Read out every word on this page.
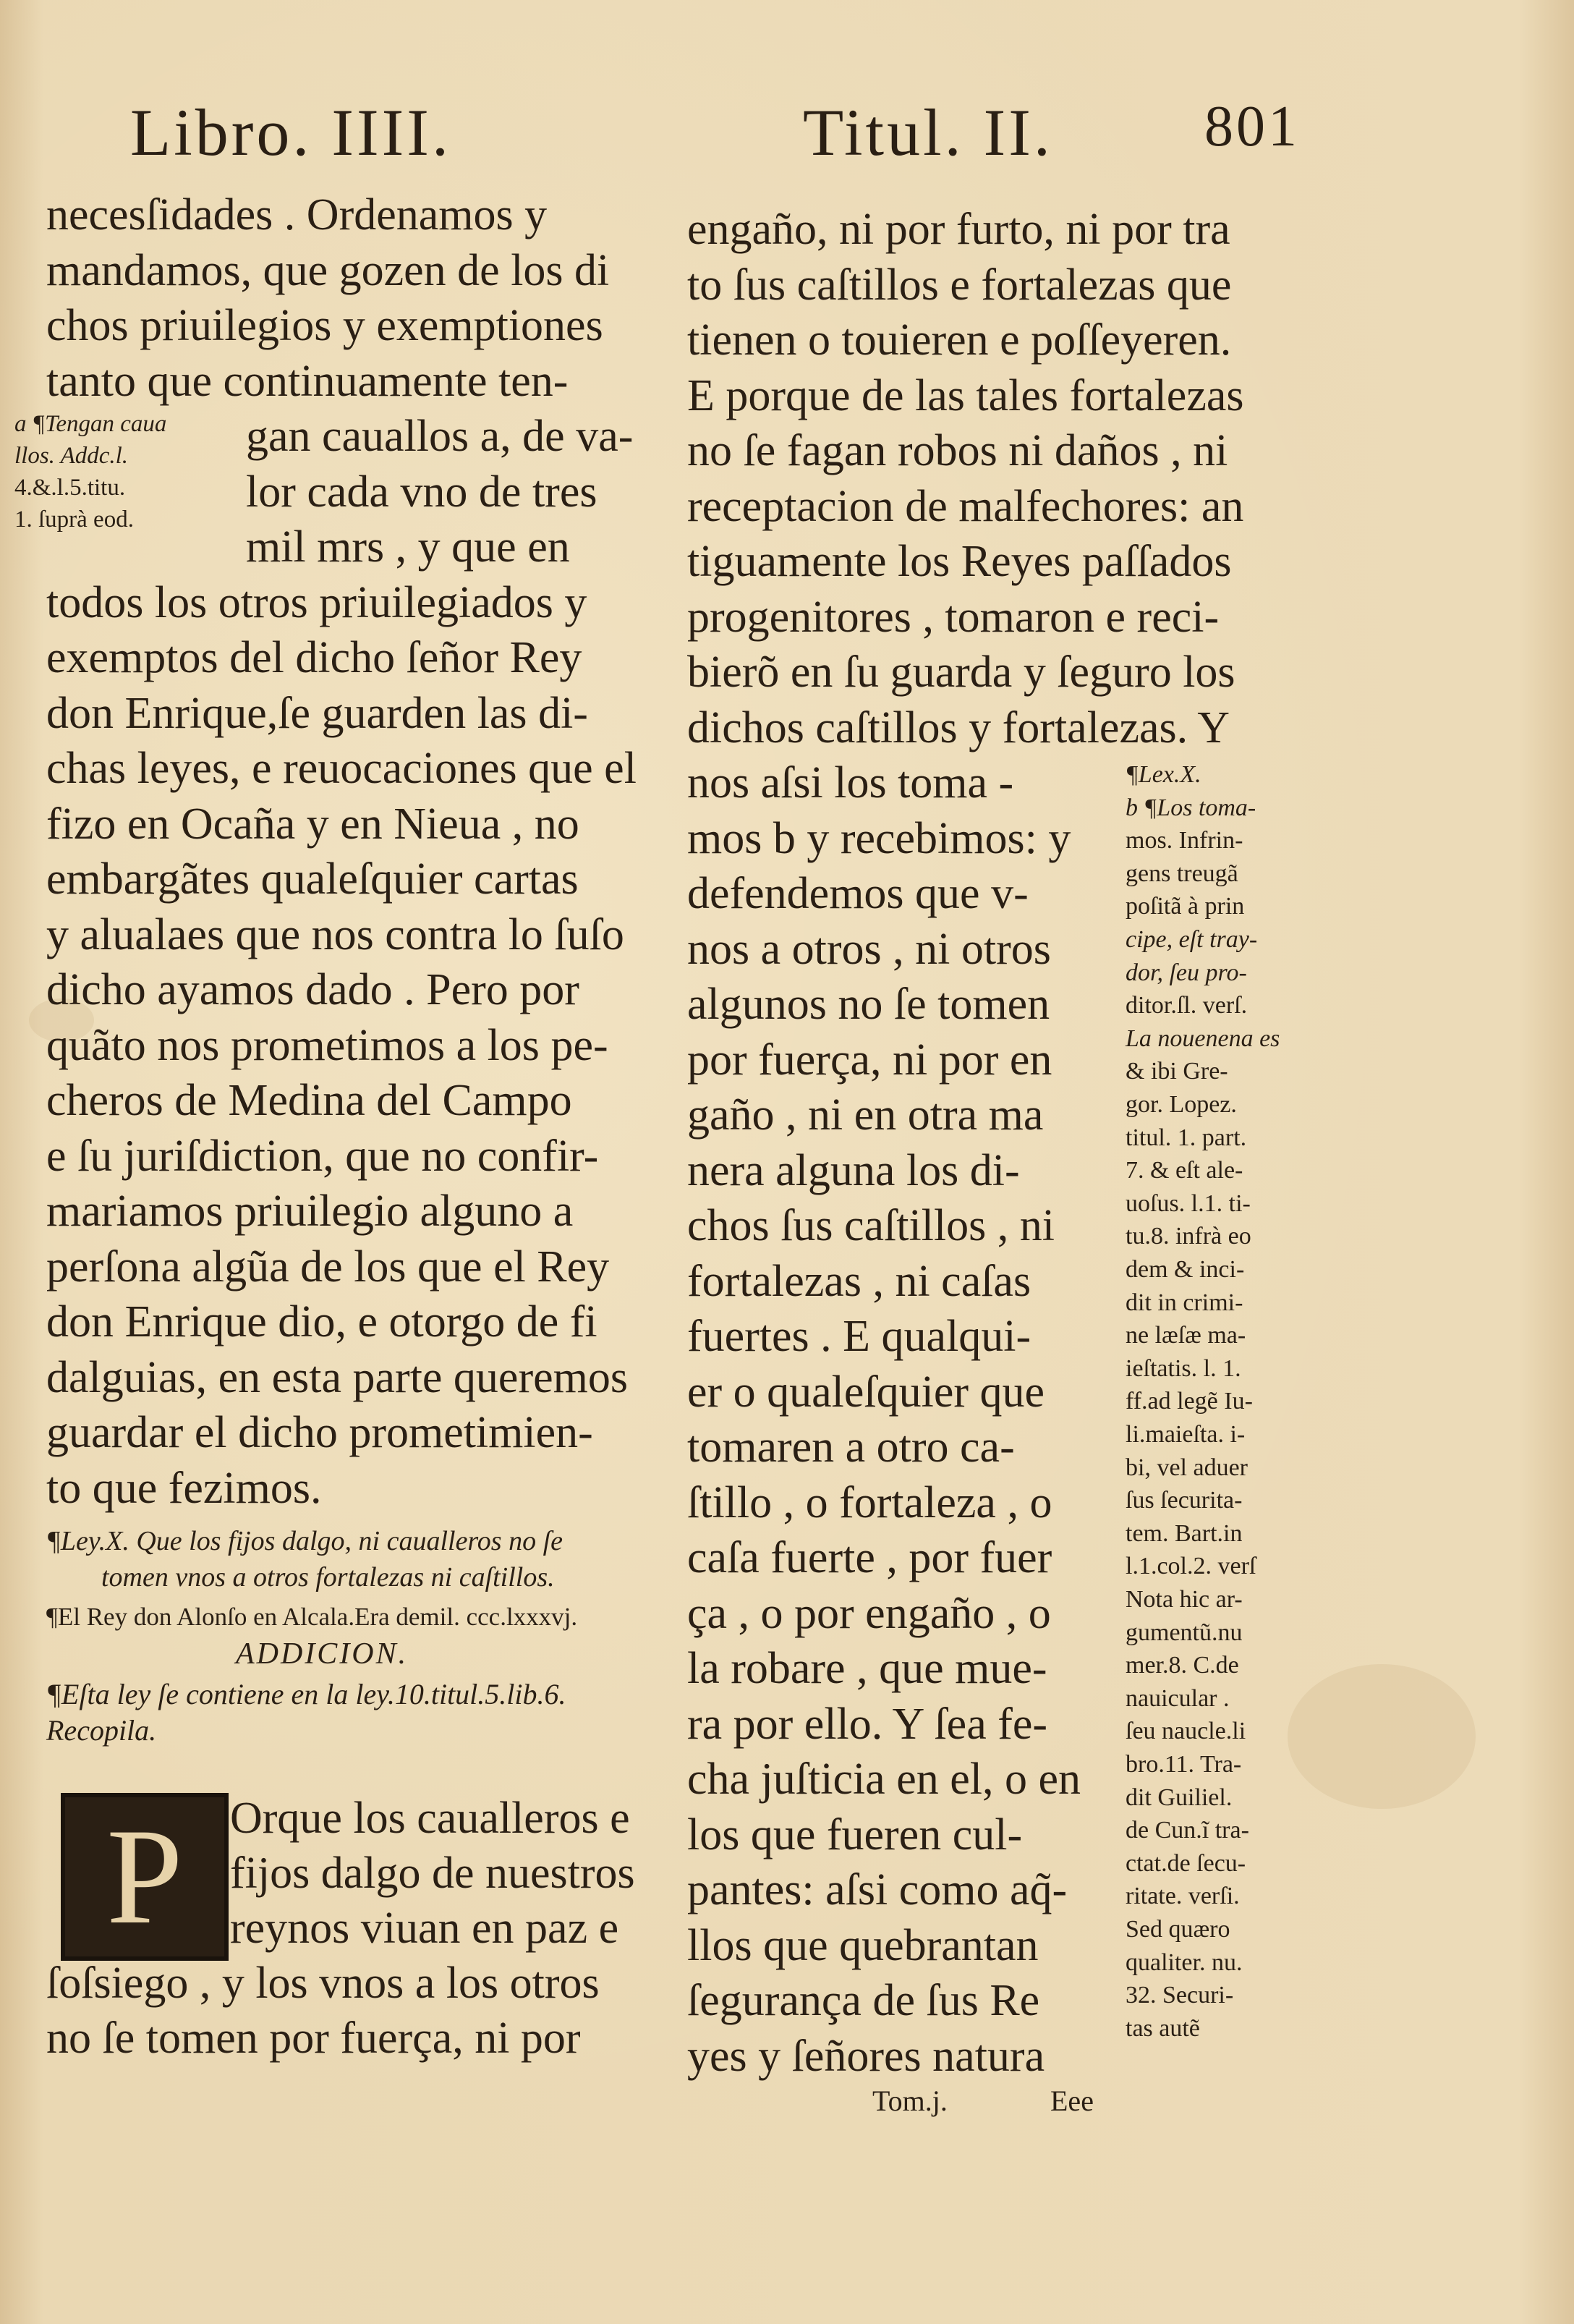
Libro. IIII.	Titul. II.	801
necesſidades . Ordenamos y
mandamos, que gozen de los di
chos priuilegios y exemptiones
tanto que continuamente ten-
gan cauallos a, de va-
lor cada vno de tres
mil mrs , y que en
todos los otros priuilegiados y
exemptos del dicho ſeñor Rey
don Enrique,ſe guarden las di-
chas leyes, e reuocaciones que el
fizo en Ocaña y en Nieua , no
embargãtes qualeſquier cartas
y alualaes que nos contra lo ſuſo
dicho ayamos dado . Pero por
quãto nos prometimos a los pe-
cheros de Medina del Campo
e ſu juriſdiction, que no confir-
mariamos priuilegio alguno a
perſona algũa de los que el Rey
don Enrique dio, e otorgo de fi
dalguias, en esta parte queremos
guardar el dicho prometimien-
to que fezimos.
a ¶Tengan caua
llos. Addc.l.
4.&.l.5.titu.
1. ſuprà eod.
¶Ley.X. Que los fijos dalgo, ni caualleros no ſe
tomen vnos a otros fortalezas ni caſtillos.
¶El Rey don Alonſo en Alcala.Era demil. ccc.lxxxvj.
ADDICION.
¶Eſta ley ſe contiene en la ley.10.titul.5.lib.6.
Recopila.
P	Orque los caualleros e
fijos dalgo de nuestros
reynos viuan en paz e
ſoſsiego , y los vnos a los otros
no ſe tomen por fuerça, ni por
engaño, ni por furto, ni por tra
to ſus caſtillos e fortalezas que
tienen o touieren e poſſeyeren.
E porque de las tales fortalezas
no ſe fagan robos ni daños , ni
receptacion de malfechores: an
tiguamente los Reyes paſſados
progenitores , tomaron e reci-
bierõ en ſu guarda y ſeguro los
dichos caſtillos y fortalezas. Y
nos aſsi los toma -
mos b y recebimos: y
defendemos que v-
nos a otros , ni otros
algunos no ſe tomen
por fuerça, ni por en
gaño , ni en otra ma
nera alguna los di-
chos ſus caſtillos , ni
fortalezas , ni caſas
fuertes . E qualqui-
er o qualeſquier que
tomaren a otro ca-
ſtillo , o fortaleza , o
caſa fuerte , por fuer
ça , o por engaño , o
la robare , que mue-
ra por ello. Y ſea fe-
cha juſticia en el, o en
los que fueren cul-
pantes: aſsi como aq̃-
llos que quebrantan
ſegurança de ſus Re
yes y ſeñores natura
¶Lex.X.
b ¶Los toma-
mos. Infrin-
gens treugã
poſitã à prin
cipe, eſt tray-
dor, ſeu pro-
ditor.ſl. verſ.
La nouenena es
& ibi Gre-
gor. Lopez.
titul. 1. part.
7. & eſt ale-
uoſus. l.1. ti-
tu.8. infrà eo
dem & inci-
dit in crimi-
ne læſæ ma-
ieſtatis. l. 1.
ff.ad legẽ Iu-
li.maieſta. i-
bi, vel aduer
ſus ſecurita-
tem. Bart.in
l.1.col.2. verſ
Nota hic ar-
gumentũ.nu
mer.8. C.de
nauicular .
ſeu naucle.li
bro.11. Tra-
dit Guiliel.
de Cun.ĩ tra-
ctat.de ſecu-
ritate. verſi.
Sed quæro
qualiter. nu.
32. Securi-
tas autẽ
Tom.j.	Eee
